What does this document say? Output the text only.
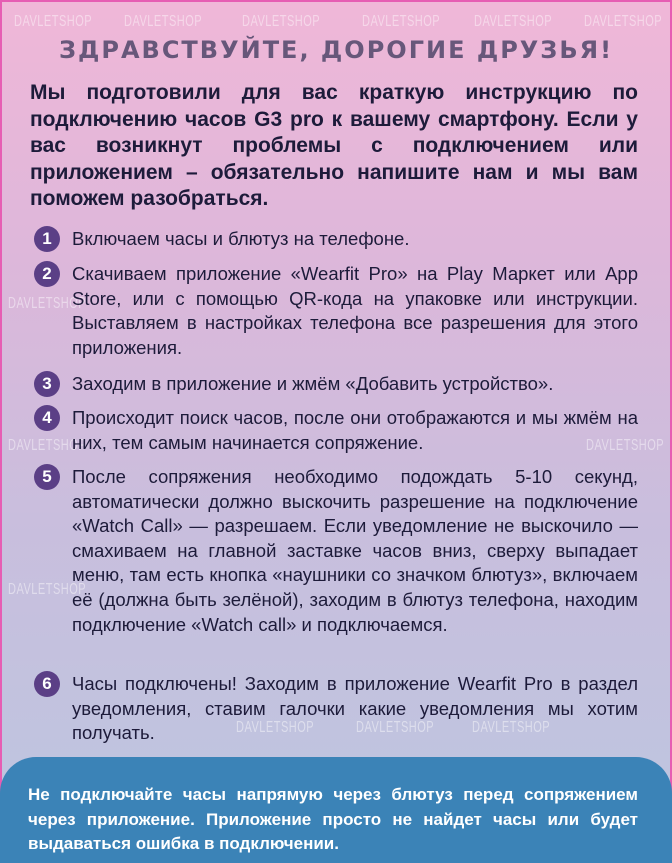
DAVLETSHOP	DAVLETSHOP	DAVLETSHOP	DAVLETSHOP	DAVLETSHOP	DAVLETSHOP
DAVLETSHOP
DAVLETSHOP
DAVLETSHOP
DAVLETSHOP
DAVLETSHOP	DAVLETSHOP	DAVLETSHOP
ЗДРАВСТВУЙТЕ, ДОРОГИЕ ДРУЗЬЯ!
Мы подготовили для вас краткую инструкцию по подключению часов G3 pro к вашему смартфону. Если у вас возникнут проблемы с подключением или приложением – обязательно напишите нам и мы вам поможем разобраться.
1	Включаем часы и блютуз на телефоне.
2	Скачиваем приложение «Wearfit Pro» на Play Маркет или App Store, или с помощью QR-кода на упаковке или инструкции. Выставляем в настройках телефона все разрешения для этого приложения.
3	Заходим в приложение и жмём «Добавить устройство».
4	Происходит поиск часов, после они отображаются и мы жмём на них, тем самым начинается сопряжение.
5	После сопряжения необходимо подождать 5-10 секунд, автоматически должно выскочить разрешение на подключение «Watch Call» — разрешаем. Если уведомление не выскочило — смахиваем на главной заставке часов вниз, сверху выпадает меню, там есть кнопка «наушники со значком блютуз», включаем её (должна быть зелёной), заходим в блютуз телефона, находим подключение «Watch call» и подключаемся.
6	Часы подключены! Заходим в приложение Wearfit Pro в раздел уведомления, ставим галочки какие уведомления мы хотим получать.
Не подключайте часы напрямую через блютуз перед сопряжением через приложение. Приложение просто не найдет часы или будет выдаваться ошибка в подключении.
